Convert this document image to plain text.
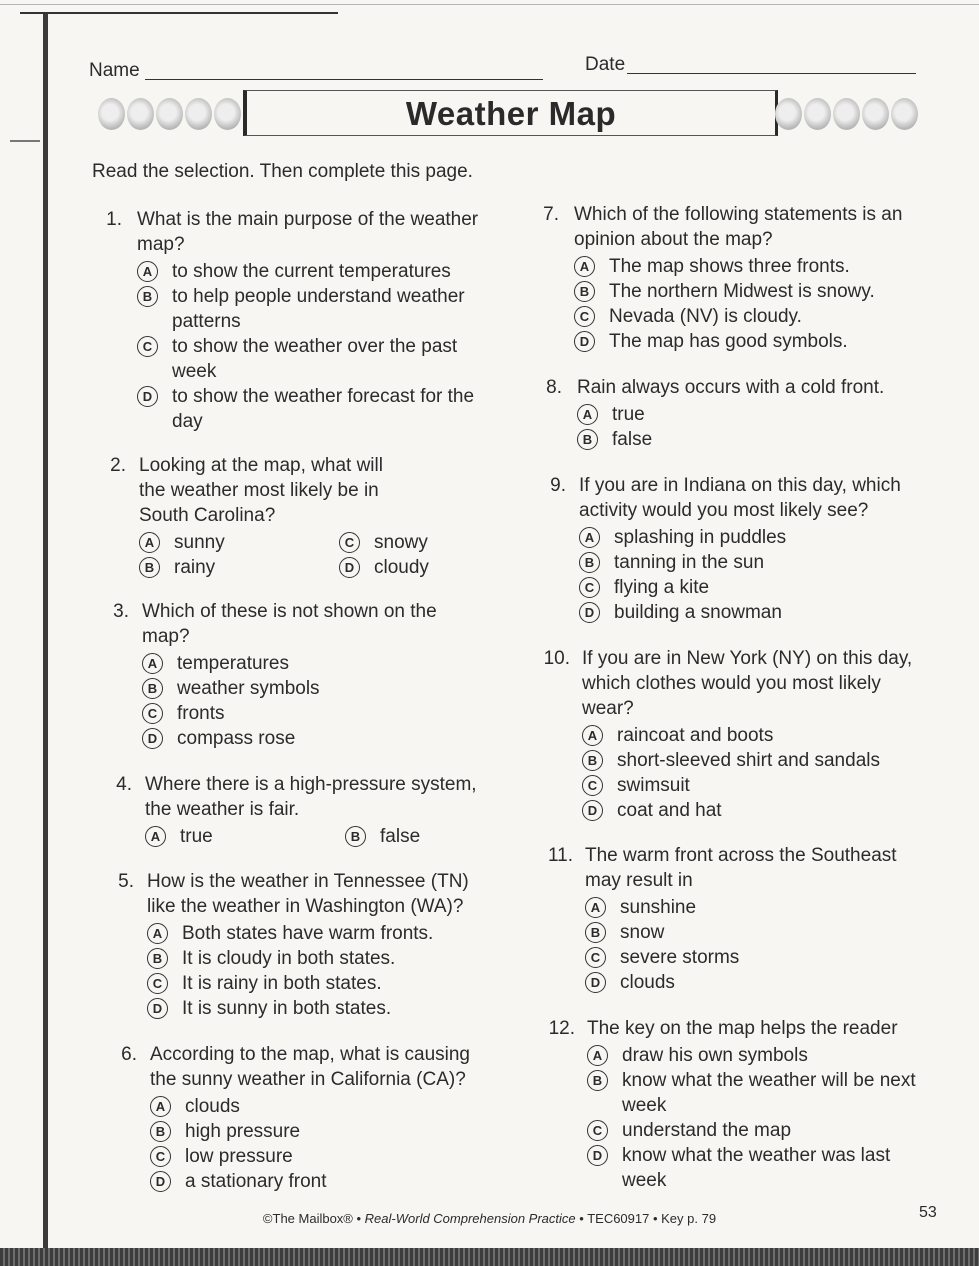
Name	Date
Weather Map
Read the selection. Then complete this page.
1. What is the main purpose of the weather map?
A	to show the current temperatures
B	to help people understand weather patterns
C	to show the weather over the past week
D	to show the weather forecast for the day
2. Looking at the map, what will the weather most likely be in South Carolina?
A	sunny	C	snowy
B	rainy	D	cloudy
3. Which of these is not shown on the map?
A	temperatures
B	weather symbols
C	fronts
D	compass rose
4. Where there is a high-pressure system, the weather is fair.
A	true	B	false
5. How is the weather in Tennessee (TN) like the weather in Washington (WA)?
A	Both states have warm fronts.
B	It is cloudy in both states.
C	It is rainy in both states.
D	It is sunny in both states.
6. According to the map, what is causing the sunny weather in California (CA)?
A	clouds
B	high pressure
C	low pressure
D	a stationary front
7. Which of the following statements is an opinion about the map?
A	The map shows three fronts.
B	The northern Midwest is snowy.
C	Nevada (NV) is cloudy.
D	The map has good symbols.
8. Rain always occurs with a cold front.
A	true
B	false
9. If you are in Indiana on this day, which activity would you most likely see?
A	splashing in puddles
B	tanning in the sun
C	flying a kite
D	building a snowman
10. If you are in New York (NY) on this day, which clothes would you most likely wear?
A	raincoat and boots
B	short-sleeved shirt and sandals
C	swimsuit
D	coat and hat
11. The warm front across the Southeast may result in
A	sunshine
B	snow
C	severe storms
D	clouds
12. The key on the map helps the reader
A	draw his own symbols
B	know what the weather will be next week
C	understand the map
D	know what the weather was last week
©The Mailbox® • Real-World Comprehension Practice • TEC60917 • Key p. 79	53
